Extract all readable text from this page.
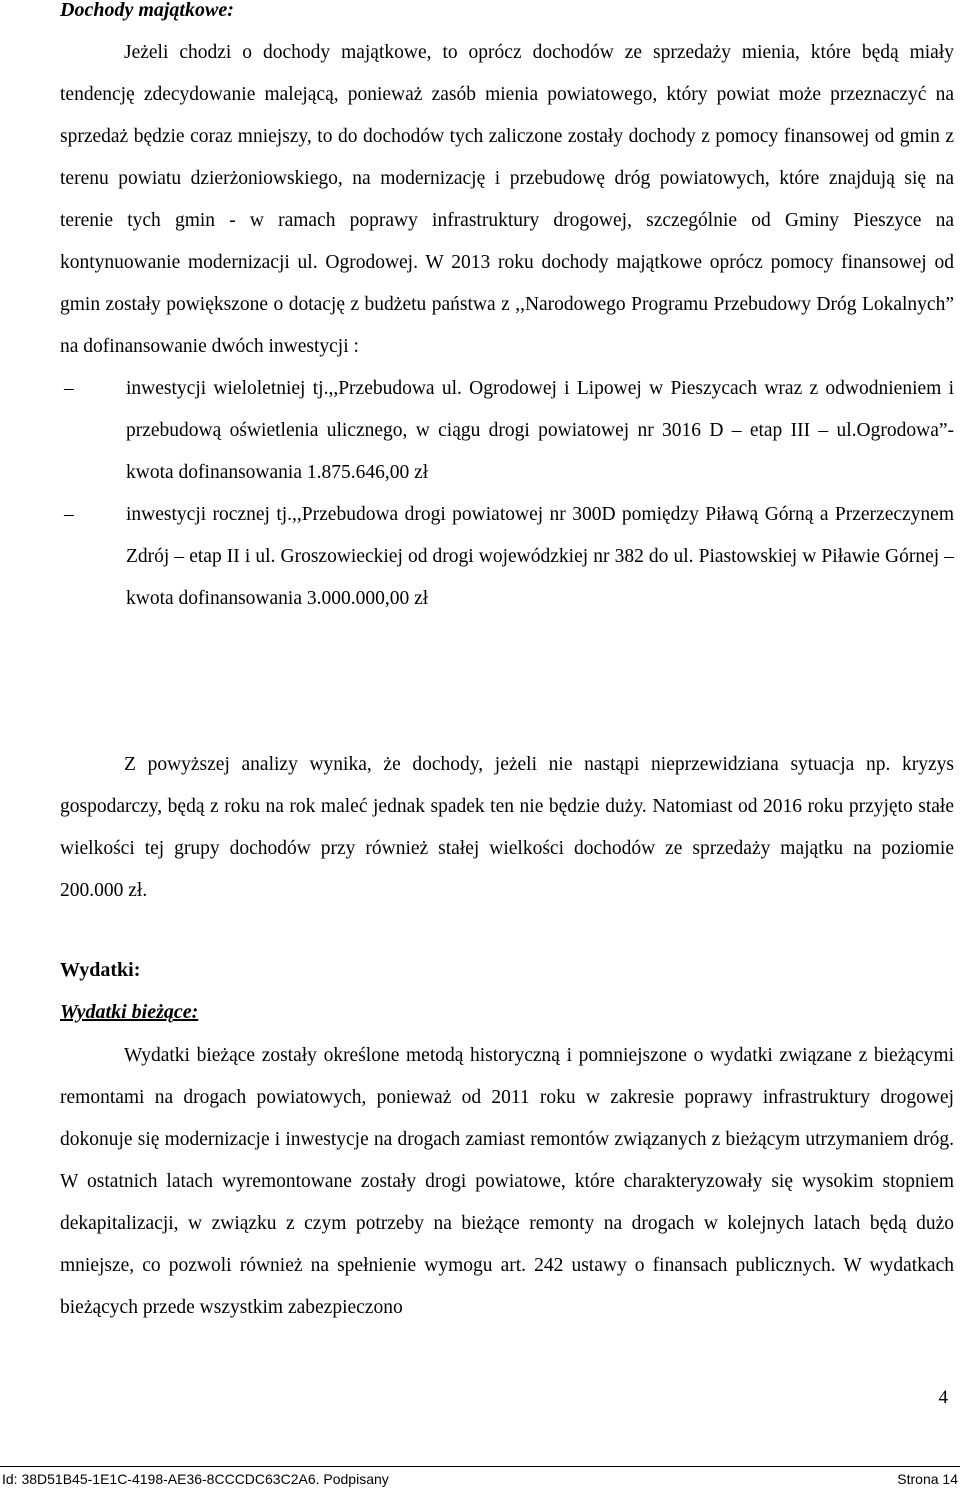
Dochody majątkowe:

Jeżeli chodzi o dochody majątkowe, to oprócz dochodów ze sprzedaży mienia, które będą miały tendencję zdecydowanie malejącą, ponieważ zasób mienia powiatowego, który powiat może przeznaczyć na sprzedaż będzie coraz mniejszy, to do dochodów tych zaliczone zostały dochody z pomocy finansowej od gmin z terenu powiatu dzierżoniowskiego, na modernizację i przebudowę dróg powiatowych, które znajdują się na terenie tych gmin - w ramach poprawy infrastruktury drogowej, szczególnie od Gminy Pieszyce na kontynuowanie modernizacji ul. Ogrodowej. W 2013 roku dochody majątkowe oprócz pomocy finansowej od gmin zostały powiększone o dotację z budżetu państwa z ,,Narodowego Programu Przebudowy Dróg Lokalnych” na dofinansowanie dwóch inwestycji :

–	inwestycji wieloletniej tj.,,Przebudowa ul. Ogrodowej i Lipowej w Pieszycach wraz z odwodnieniem i przebudową oświetlenia ulicznego, w ciągu drogi powiatowej nr 3016 D – etap III – ul.Ogrodowa”- kwota dofinansowania 1.875.646,00 zł
–	inwestycji rocznej tj.,,Przebudowa drogi powiatowej nr 300D pomiędzy Piławą Górną a Przerzeczynem Zdrój – etap II i ul. Groszowieckiej od drogi wojewódzkiej nr 382 do ul. Piastowskiej w Piławie Górnej – kwota dofinansowania 3.000.000,00 zł

Z powyższej analizy wynika, że dochody, jeżeli nie nastąpi nieprzewidziana sytuacja np. kryzys gospodarczy, będą z roku na rok maleć jednak spadek ten nie będzie duży. Natomiast od 2016 roku przyjęto stałe wielkości tej grupy dochodów przy również stałej wielkości dochodów ze sprzedaży majątku na poziomie 200.000 zł.

Wydatki:

Wydatki bieżące:

Wydatki bieżące zostały określone metodą historyczną i pomniejszone o wydatki związane z bieżącymi remontami na drogach powiatowych, ponieważ od 2011 roku w zakresie poprawy infrastruktury drogowej dokonuje się modernizacje i inwestycje na drogach zamiast remontów związanych z bieżącym utrzymaniem dróg. W ostatnich latach wyremontowane zostały drogi powiatowe, które charakteryzowały się wysokim stopniem dekapitalizacji, w związku z czym potrzeby na bieżące remonty na drogach w kolejnych latach będą dużo mniejsze, co pozwoli również na spełnienie wymogu art. 242 ustawy o finansach publicznych. W wydatkach bieżących przede wszystkim zabezpieczono

4
Id: 38D51B45-1E1C-4198-AE36-8CCCDC63C2A6. Podpisany	Strona 14
